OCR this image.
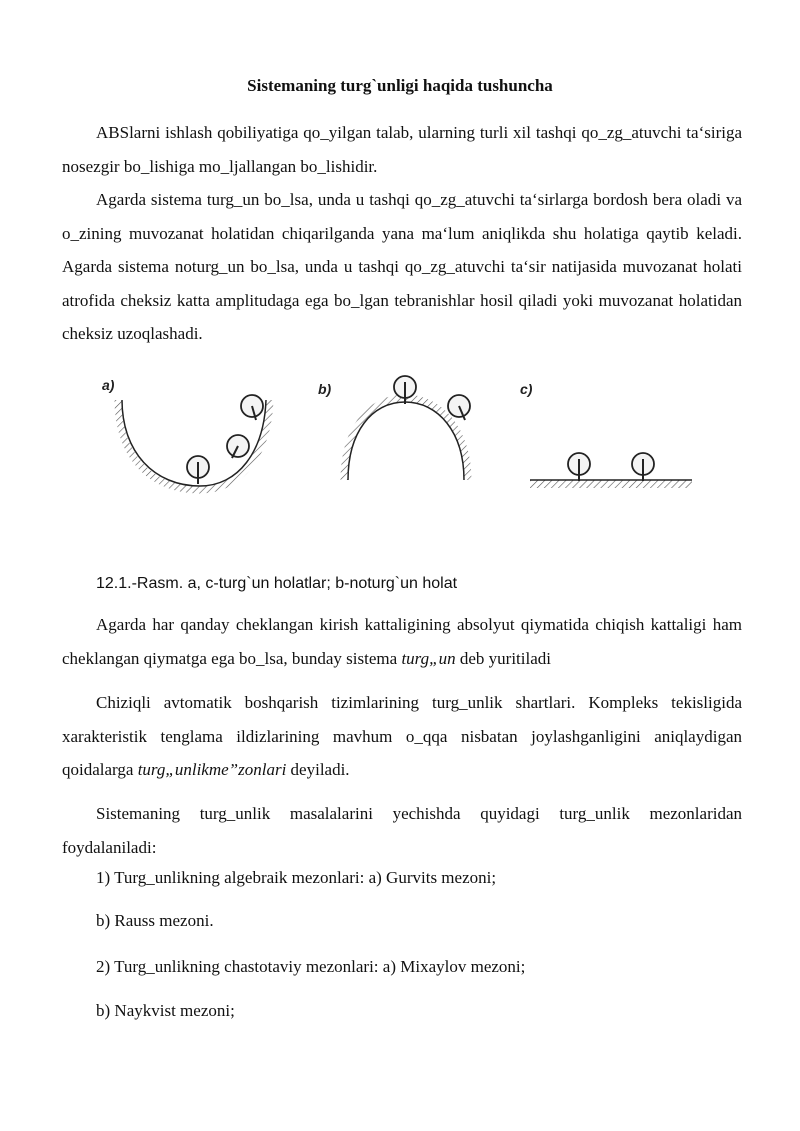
Sistemaning turg`unligi haqida tushuncha

ABSlarni ishlash qobiliyatiga qo_yilgan talab, ularning turli xil tashqi qo_zg_atuvchi ta‘siriga nosezgir bo_lishiga mo_ljallangan bo_lishidir.

Agarda sistema turg_un bo_lsa, unda u tashqi qo_zg_atuvchi ta‘sirlarga bordosh bera oladi va o_zining muvozanat holatidan chiqarilganda yana ma‘lum aniqlikda shu holatiga qaytib keladi. Agarda sistema noturg_un bo_lsa, unda u tashqi qo_zg_atuvchi ta‘sir natijasida muvozanat holati atrofida cheksiz katta amplitudaga ega bo_lgan tebranishlar hosil qiladi yoki muvozanat holatidan cheksiz uzoqlashadi.

a)	b)	c)
12.1.-Rasm. a, c-turg`un holatlar; b-noturg`un holat

Agarda har qanday cheklangan kirish kattaligining absolyut qiymatida chiqish kattaligi ham cheklangan qiymatga ega bo_lsa, bunday sistema turg„un deb yuritiladi

Chiziqli avtomatik boshqarish tizimlarining turg_unlik shartlari. Kompleks tekisligida xarakteristik tenglama ildizlarining mavhum o_qqa nisbatan joylashganligini aniqlaydigan qoidalarga turg„unlikme”zonlari deyiladi.

Sistemaning turg_unlik masalalarini yechishda quyidagi turg_unlik mezonlaridan foydalaniladi:

1) Turg_unlikning algebraik mezonlari: a) Gurvits mezoni;
b) Rauss mezoni.
2) Turg_unlikning chastotaviy mezonlari: a) Mixaylov mezoni;
b) Naykvist mezoni;
